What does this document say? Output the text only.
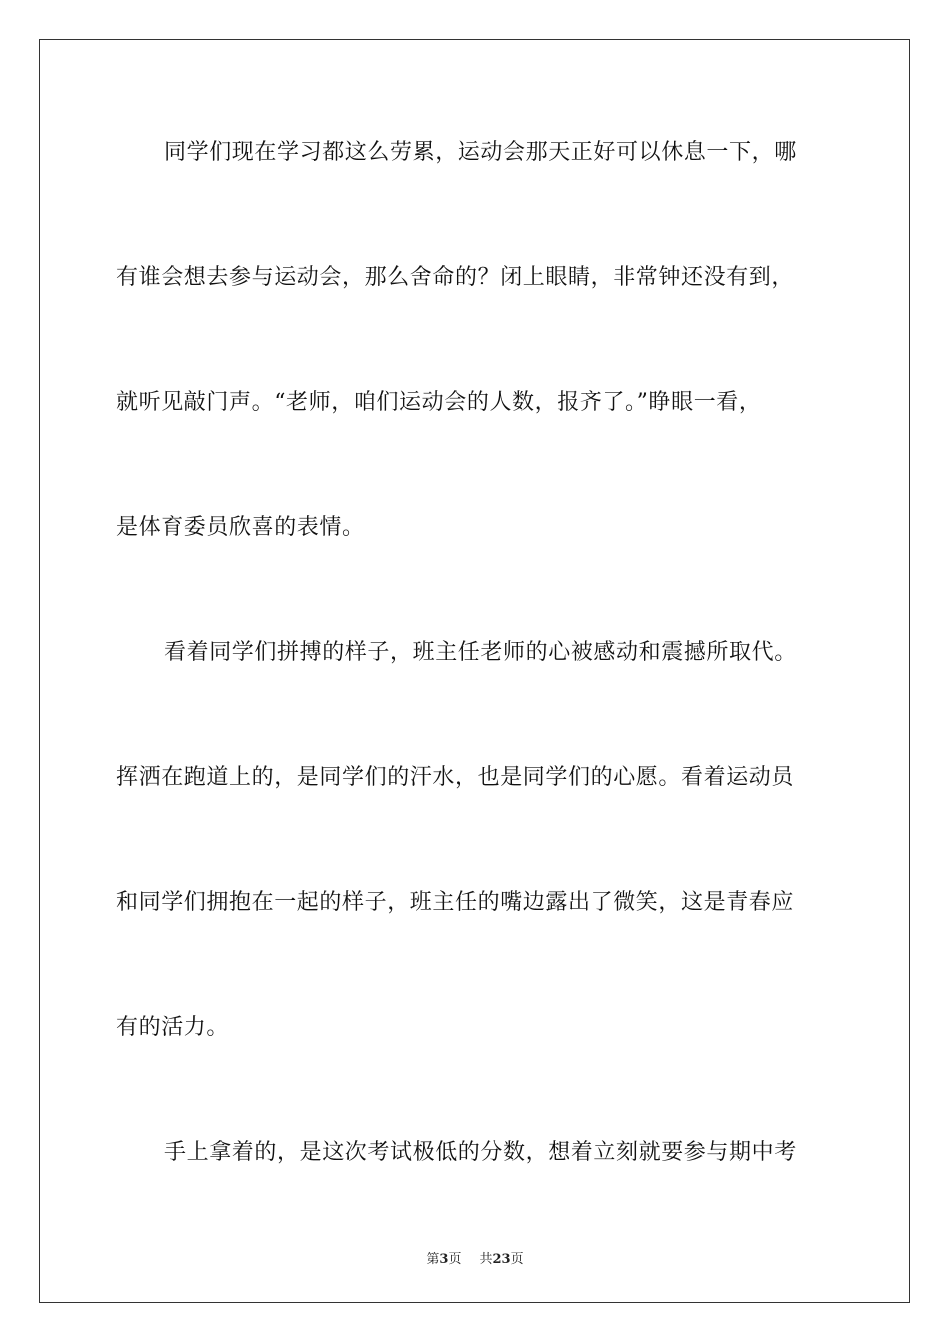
同学们现在学习都这么劳累，运动会那天正好可以休息一下，哪

有谁会想去参与运动会，那么舍命的？闭上眼睛，非常钟还没有到，

就听见敲门声。“老师，咱们运动会的人数，报齐了。”睁眼一看，

是体育委员欣喜的表情。

看着同学们拼搏的样子，班主任老师的心被感动和震撼所取代。

挥洒在跑道上的，是同学们的汗水，也是同学们的心愿。看着运动员

和同学们拥抱在一起的样子，班主任的嘴边露出了微笑，这是青春应

有的活力。

手上拿着的，是这次考试极低的分数，想着立刻就要参与期中考

第3页 共23页
